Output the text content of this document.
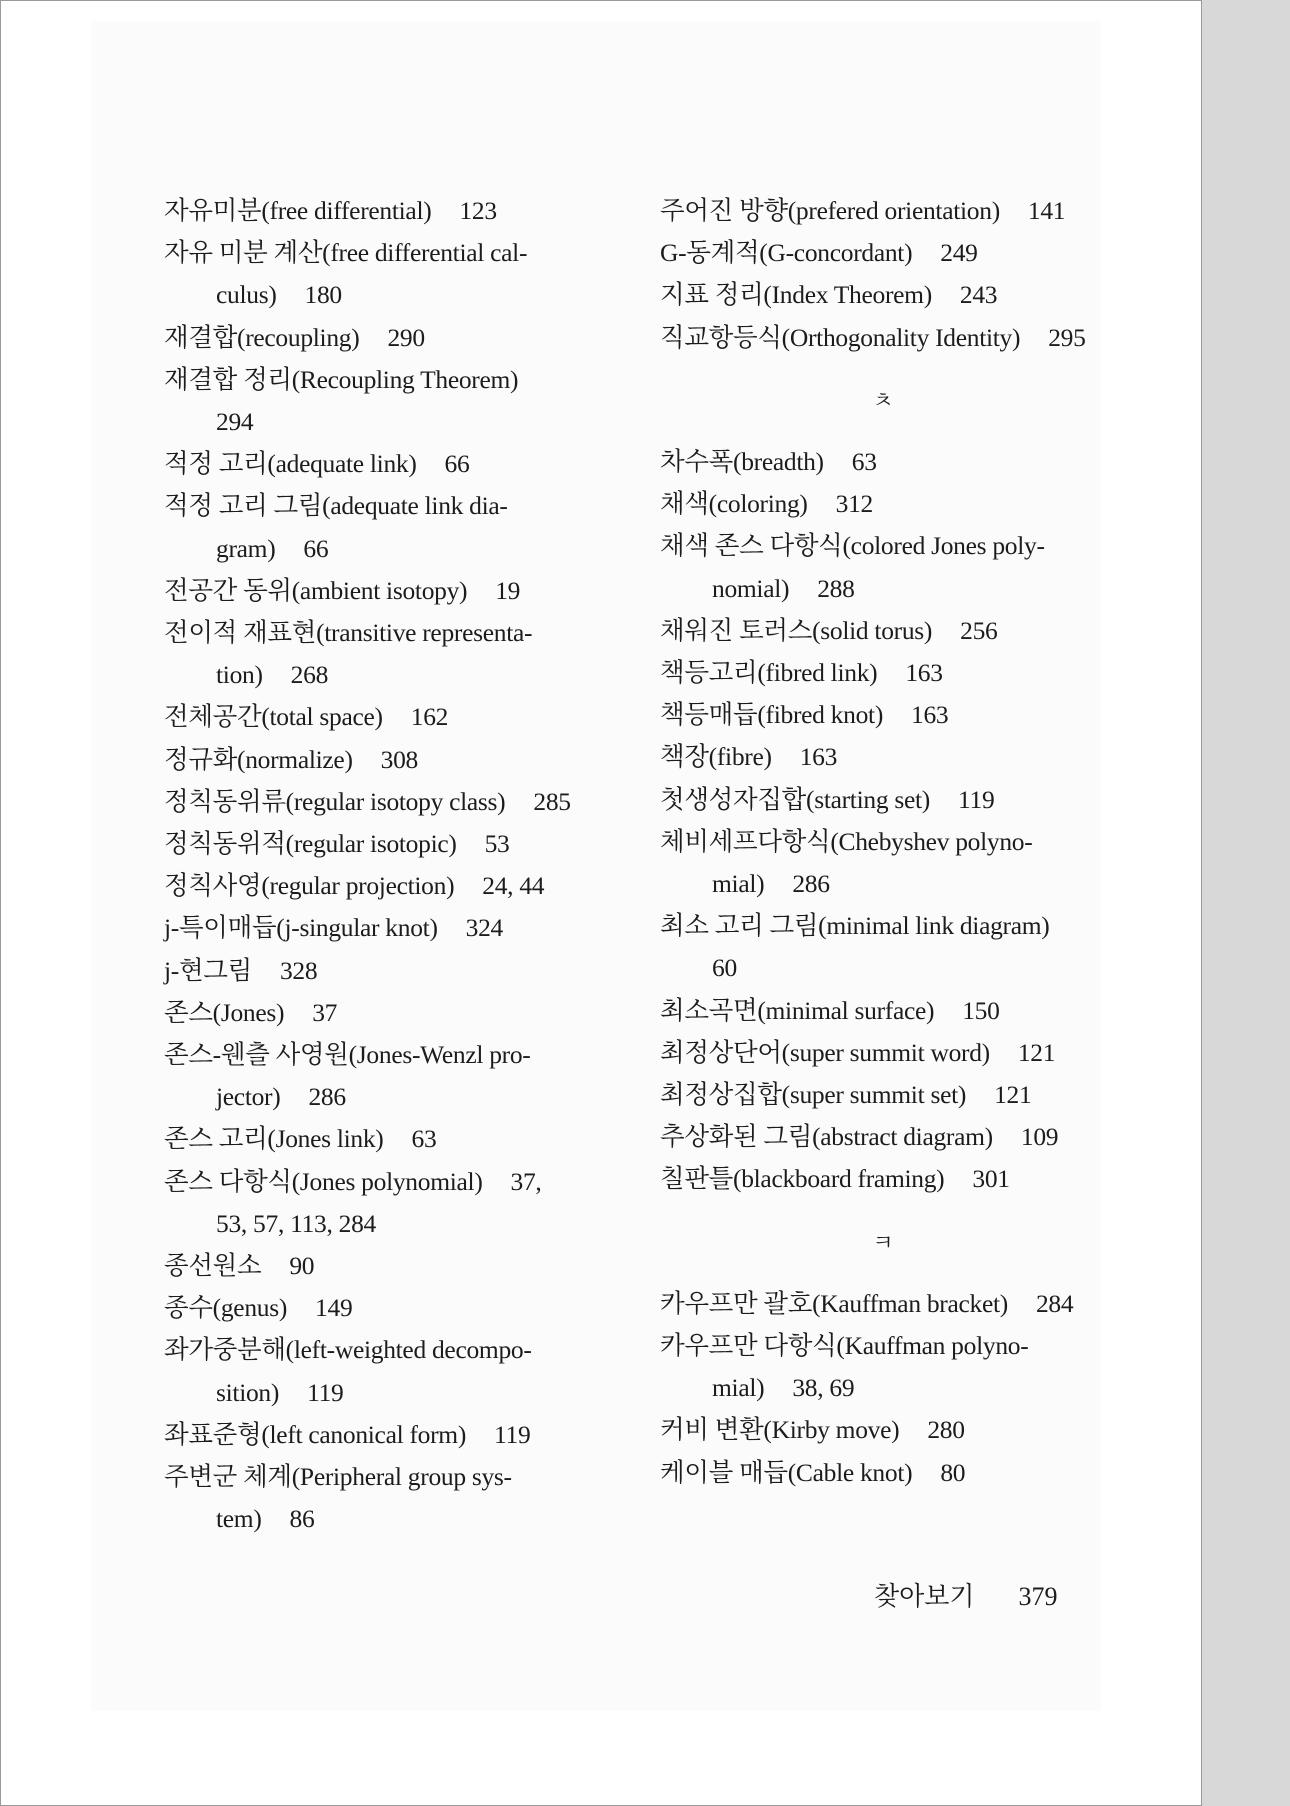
자유미분(free differential) 123
자유 미분 계산(free differential cal-
culus) 180
재결합(recoupling) 290
재결합 정리(Recoupling Theorem)
294
적정 고리(adequate link) 66
적정 고리 그림(adequate link dia-
gram) 66
전공간 동위(ambient isotopy) 19
전이적 재표현(transitive representa-
tion) 268
전체공간(total space) 162
정규화(normalize) 308
정칙동위류(regular isotopy class) 285
정칙동위적(regular isotopic) 53
정칙사영(regular projection) 24, 44
j-특이매듭(j-singular knot) 324
j-현그림 328
존스(Jones) 37
존스-웬츨 사영원(Jones-Wenzl pro-
jector) 286
존스 고리(Jones link) 63
존스 다항식(Jones polynomial) 37,
53, 57, 113, 284
종선원소 90
종수(genus) 149
좌가중분해(left-weighted decompo-
sition) 119
좌표준형(left canonical form) 119
주변군 체계(Peripheral group sys-
tem) 86
주어진 방향(prefered orientation) 141
G-동계적(G-concordant) 249
지표 정리(Index Theorem) 243
직교항등식(Orthogonality Identity) 295
ㅊ
차수폭(breadth) 63
채색(coloring) 312
채색 존스 다항식(colored Jones poly-
nomial) 288
채워진 토러스(solid torus) 256
책등고리(fibred link) 163
책등매듭(fibred knot) 163
책장(fibre) 163
첫생성자집합(starting set) 119
체비세프다항식(Chebyshev polyno-
mial) 286
최소 고리 그림(minimal link diagram)
60
최소곡면(minimal surface) 150
최정상단어(super summit word) 121
최정상집합(super summit set) 121
추상화된 그림(abstract diagram) 109
칠판틀(blackboard framing) 301
ㅋ
카우프만 괄호(Kauffman bracket) 284
카우프만 다항식(Kauffman polyno-
mial) 38, 69
커비 변환(Kirby move) 280
케이블 매듭(Cable knot) 80
찾아보기 379
